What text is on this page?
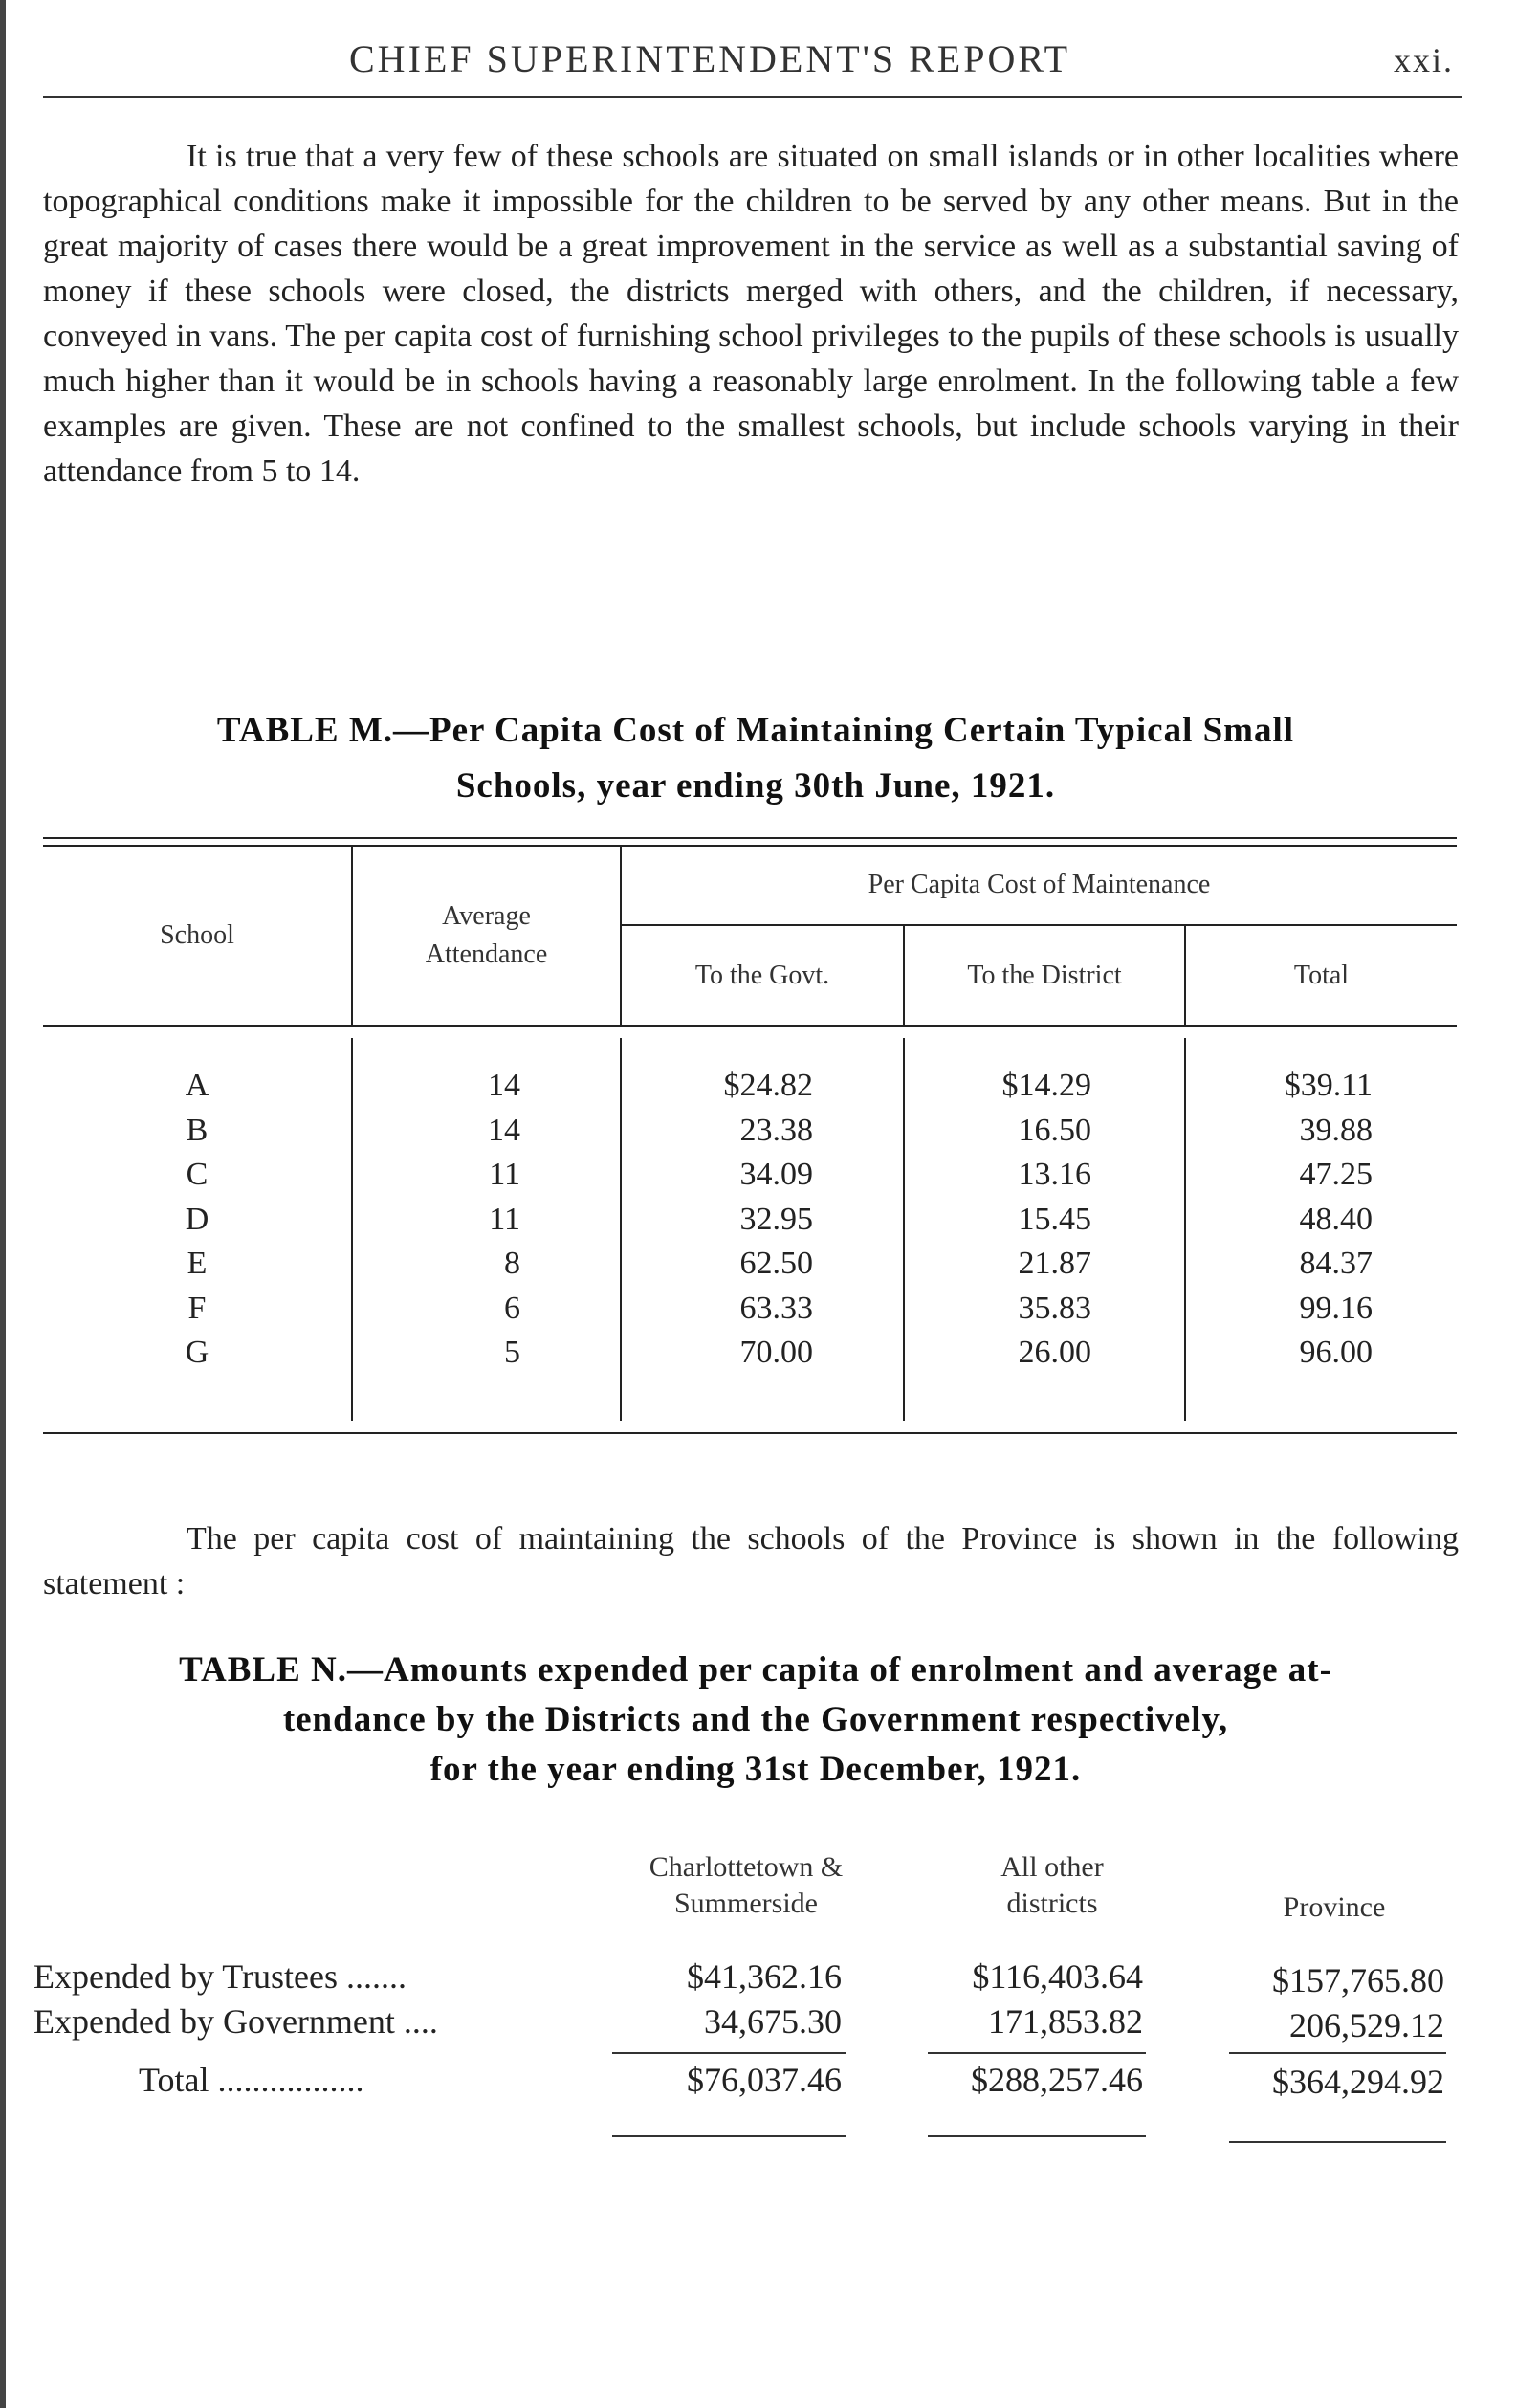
CHIEF SUPERINTENDENT'S REPORT	xxi.

It is true that a very few of these schools are situated on small islands or in other localities where topographical conditions make it impossible for the children to be served by any other means. But in the great majority of cases there would be a great improvement in the service as well as a substantial saving of money if these schools were closed, the districts merged with others, and the children, if necessary, conveyed in vans. The per capita cost of furnishing school privileges to the pupils of these schools is usually much higher than it would be in schools having a reasonably large enrolment. In the following table a few examples are given. These are not confined to the smallest schools, but include schools varying in their attendance from 5 to 14.

TABLE M.—Per Capita Cost of Maintaining Certain Typical Small
Schools, year ending 30th June, 1921.
School
Average
Attendance
Per Capita Cost of Maintenance
To the Govt.	To the District	Total
A	14	$24.82	$14.29	$39.11
B	14	23.38	16.50	39.88
C	11	34.09	13.16	47.25
D	11	32.95	15.45	48.40
E	8	62.50	21.87	84.37
F	6	63.33	35.83	99.16
G	5	70.00	26.00	96.00

The per capita cost of maintaining the schools of the Province is shown in the following statement :

TABLE N.—Amounts expended per capita of enrolment and average at-
tendance by the Districts and the Government respectively,
for the year ending 31st December, 1921.
Charlottetown &
Summerside
All other
districts	Province
Expended by Trustees .......	$41,362.16	$116,403.64	$157,765.80
Expended by Government ....	34,675.30	171,853.82	206,529.12
Total .................	$76,037.46	$288,257.46	$364,294.92
